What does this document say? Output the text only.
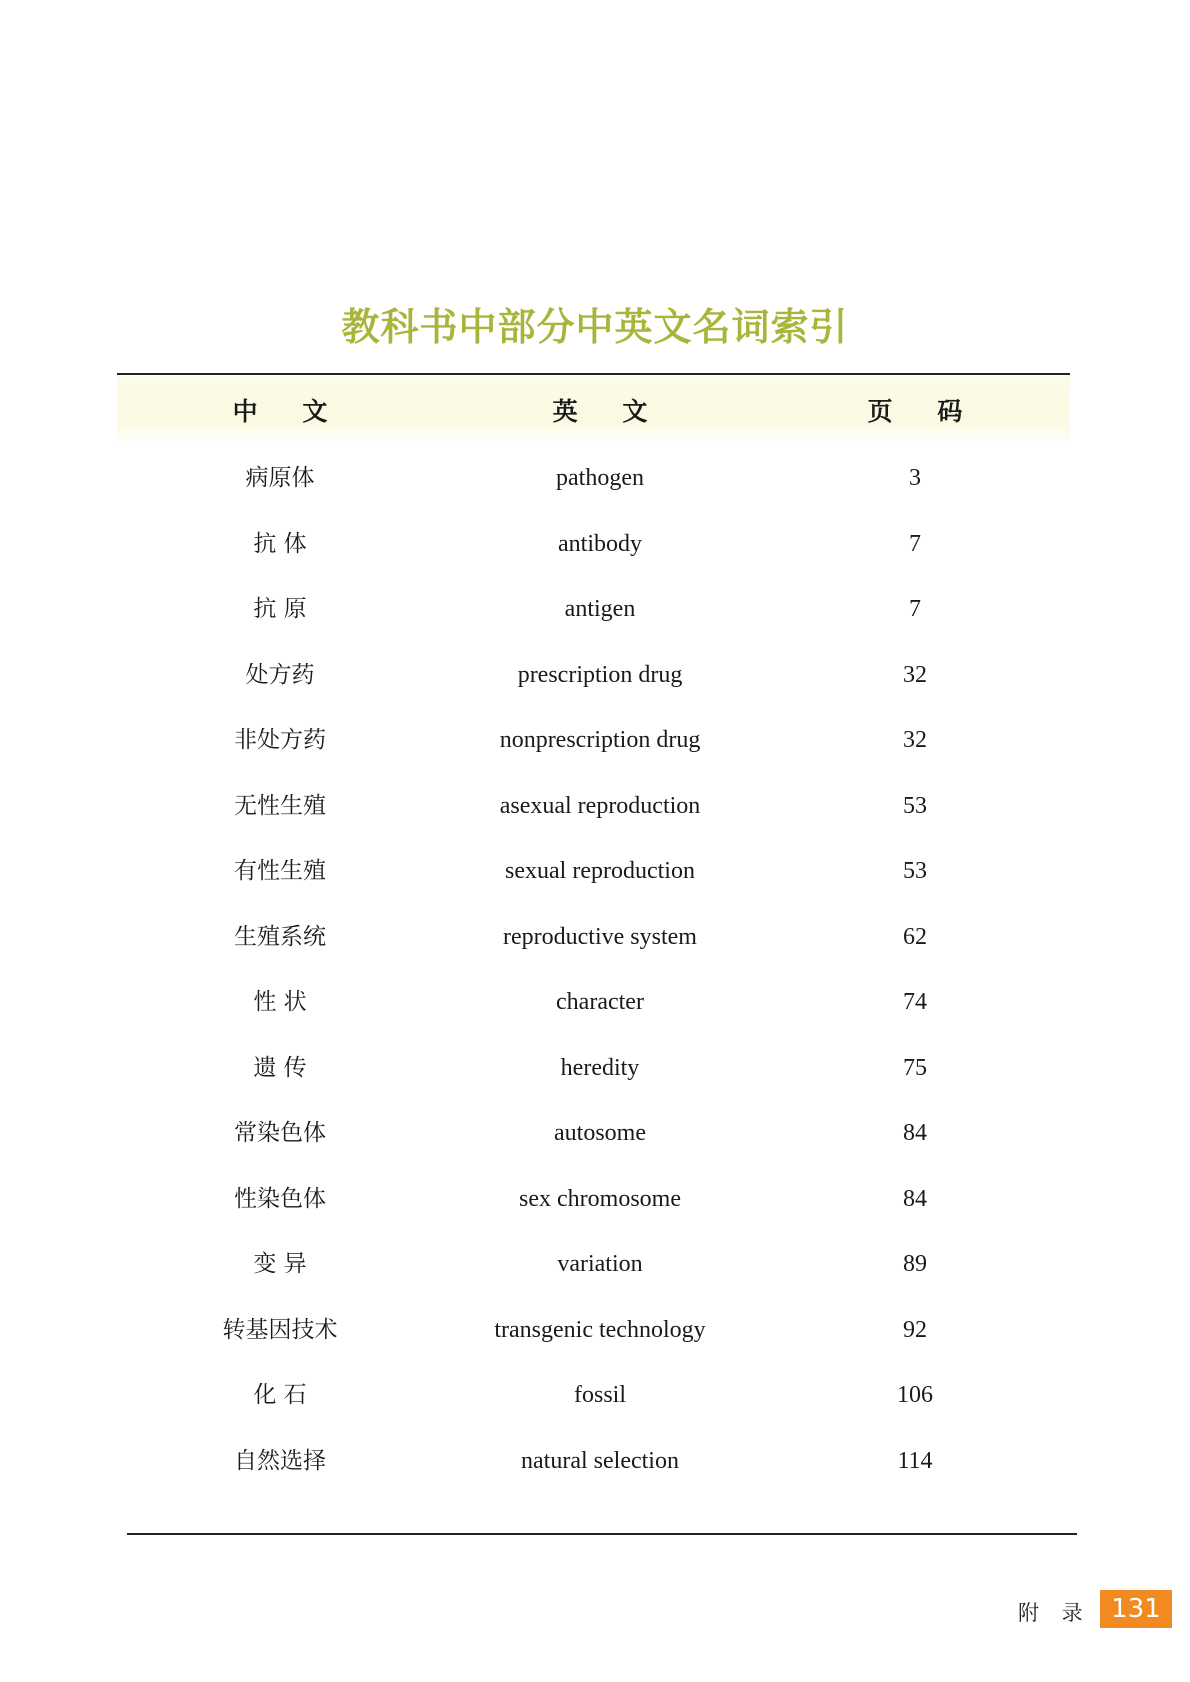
教科书中部分中英文名词索引
中 文	英 文	页 码
病原体	pathogen	3
抗 体	antibody	7
抗 原	antigen	7
处方药	prescription drug	32
非处方药	nonprescription drug	32
无性生殖	asexual reproduction	53
有性生殖	sexual reproduction	53
生殖系统	reproductive system	62
性 状	character	74
遗 传	heredity	75
常染色体	autosome	84
性染色体	sex chromosome	84
变 异	variation	89
转基因技术	transgenic technology	92
化 石	fossil	106
自然选择	natural selection	114
附 录 131
